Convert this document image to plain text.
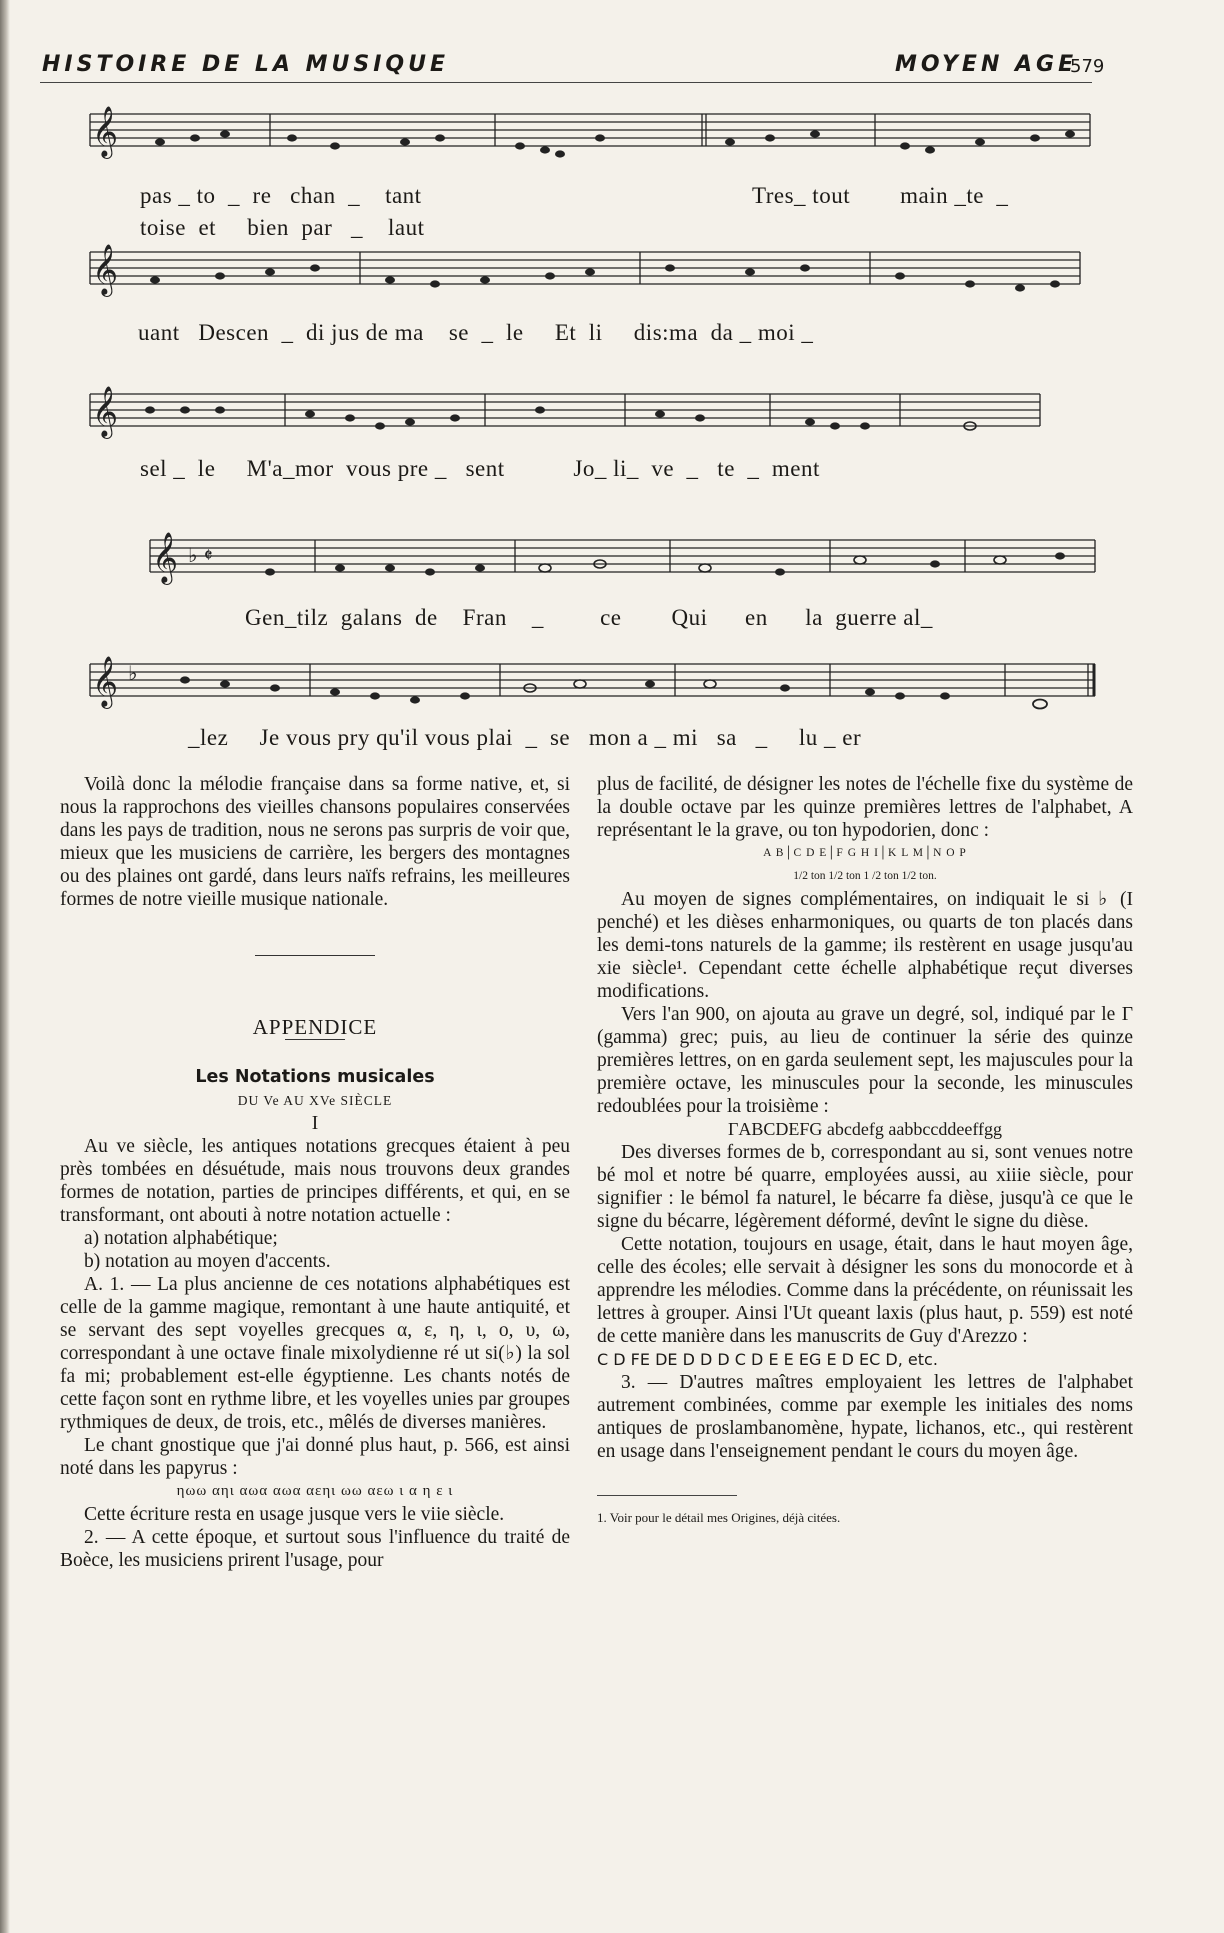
HISTOIRE DE LA MUSIQUE	MOYEN AGE
579
𝄞
𝄞
𝄞
𝄞 ♭ 𝄵
𝄞 ♭
pas _ to  _  re   chan  _    tant	Tres_ tout        main _te  _
toise  et     bien  par   _    laut
uant   Descen  _  di jus de ma    se  _  le     Et  li     dis:ma  da _ moi _
sel _  le     M'a_mor  vous pre _   sent           Jo_ li_  ve  _   te  _  ment
Gen_tilz  galans  de    Fran    _         ce        Qui      en      la  guerre al_
_lez     Je vous pry qu'il vous plai  _  se   mon a _ mi   sa   _     lu _ er

Voilà donc la mélodie française dans sa forme native, et, si nous la rapprochons des vieilles chansons populaires conservées dans les pays de tradition, nous ne serons pas surpris de voir que, mieux que les musiciens de carrière, les bergers des montagnes ou des plaines ont gardé, dans leurs naïfs refrains, les meilleures formes de notre vieille musique nationale.

APPENDICE

Les Notations musicales

DU Ve AU XVe SIÈCLE

I

Au ve siècle, les antiques notations grecques étaient à peu près tombées en désuétude, mais nous trouvons deux grandes formes de notation, parties de principes différents, et qui, en se transformant, ont abouti à notre notation actuelle :

a) notation alphabétique;

b) notation au moyen d'accents.

A. 1. — La plus ancienne de ces notations alphabétiques est celle de la gamme magique, remontant à une haute antiquité, et se servant des sept voyelles grecques α, ε, η, ι, ο, υ, ω, correspondant à une octave finale mixolydienne ré ut si(♭) la sol fa mi; probablement est-elle égyptienne. Les chants notés de cette façon sont en rythme libre, et les voyelles unies par groupes rythmiques de deux, de trois, etc., mêlés de diverses manières.

Le chant gnostique que j'ai donné plus haut, p. 566, est ainsi noté dans les papyrus :

ηωω αηι αωα αωα αεηι ωω αεω ι α η ε ι

Cette écriture resta en usage jusque vers le viie siècle.

2. — A cette époque, et surtout sous l'influence du traité de Boèce, les musiciens prirent l'usage, pour

plus de facilité, de désigner les notes de l'échelle fixe du système de la double octave par les quinze premières lettres de l'alphabet, A représentant le la grave, ou ton hypodorien, donc :

A B│C D E│F G H I│K L M│N O P

1/2 ton 1/2 ton 1 /2 ton 1/2 ton.

Au moyen de signes complémentaires, on indiquait le si ♭ (I penché) et les dièses enharmoniques, ou quarts de ton placés dans les demi-tons naturels de la gamme; ils restèrent en usage jusqu'au xie siècle¹. Cependant cette échelle alphabétique reçut diverses modifications.

Vers l'an 900, on ajouta au grave un degré, sol, indiqué par le Γ (gamma) grec; puis, au lieu de continuer la série des quinze premières lettres, on en garda seulement sept, les majuscules pour la première octave, les minuscules pour la seconde, les minuscules redoublées pour la troisième :

ΓABCDEFG abcdefg aabbccddeeffgg

Des diverses formes de b, correspondant au si, sont venues notre bé mol et notre bé quarre, employées aussi, au xiiie siècle, pour signifier : le bémol fa naturel, le bécarre fa dièse, jusqu'à ce que le signe du bécarre, légèrement déformé, devînt le signe du dièse.

Cette notation, toujours en usage, était, dans le haut moyen âge, celle des écoles; elle servait à désigner les sons du monocorde et à apprendre les mélodies. Comme dans la précédente, on réunissait les lettres à grouper. Ainsi l'Ut queant laxis (plus haut, p. 559) est noté de cette manière dans les manuscrits de Guy d'Arezzo :

C D FE DE D D D C D E E EG E D EC D, etc.

3. — D'autres maîtres employaient les lettres de l'alphabet autrement combinées, comme par exemple les initiales des noms antiques de proslambanomène, hypate, lichanos, etc., qui restèrent en usage dans l'enseignement pendant le cours du moyen âge.

1. Voir pour le détail mes Origines, déjà citées.
